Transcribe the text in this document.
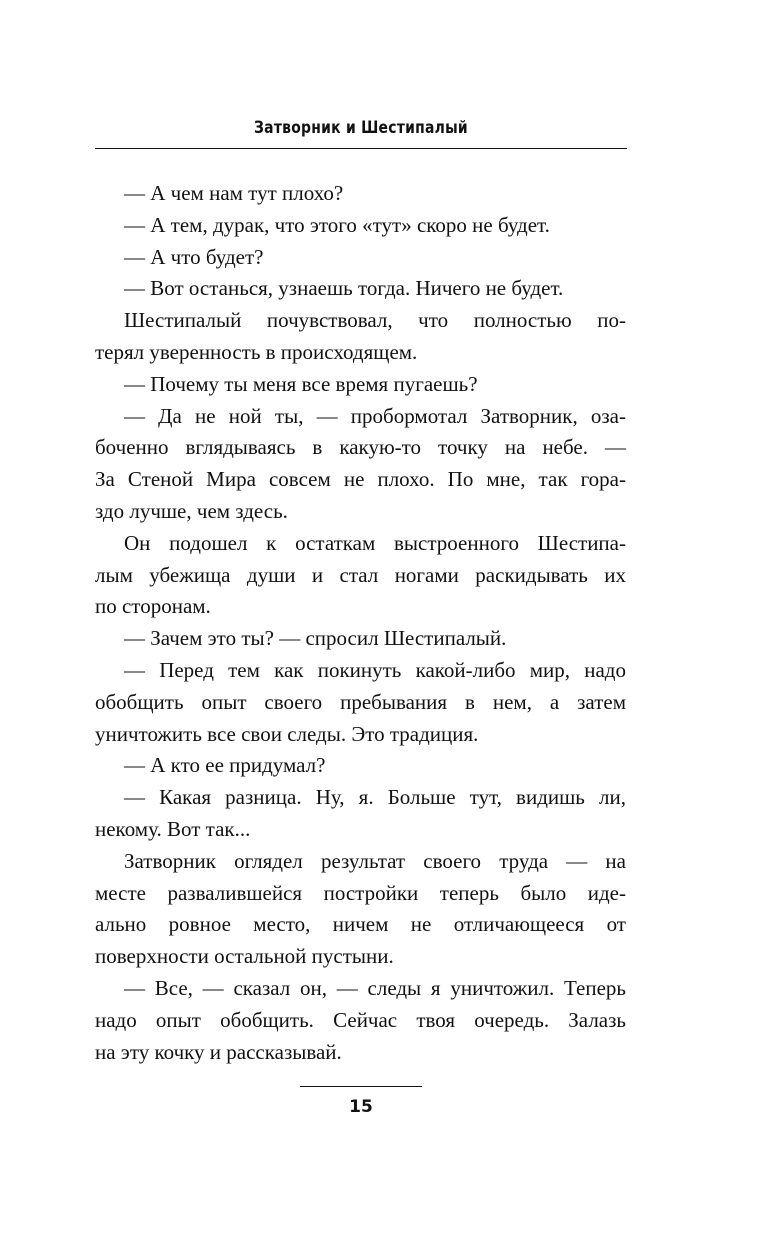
Затворник и Шестипалый
— А чем нам тут плохо?
— А тем, дурак, что этого «тут» скоро не будет.
— А что будет?
— Вот останься, узнаешь тогда. Ничего не будет.
Шестипалый почувствовал, что полностью по-
терял уверенность в происходящем.
— Почему ты меня все время пугаешь?
— Да не ной ты, — пробормотал Затворник, оза-
боченно вглядываясь в какую-то точку на небе. —
За Стеной Мира совсем не плохо. По мне, так гора-
здо лучше, чем здесь.
Он подошел к остаткам выстроенного Шестипа-
лым убежища души и стал ногами раскидывать их
по сторонам.
— Зачем это ты? — спросил Шестипалый.
— Перед тем как покинуть какой-либо мир, надо
обобщить опыт своего пребывания в нем, а затем
уничтожить все свои следы. Это традиция.
— А кто ее придумал?
— Какая разница. Ну, я. Больше тут, видишь ли,
некому. Вот так...
Затворник оглядел результат своего труда — на
месте развалившейся постройки теперь было иде-
ально ровное место, ничем не отличающееся от
поверхности остальной пустыни.
— Все, — сказал он, — следы я уничтожил. Теперь
надо опыт обобщить. Сейчас твоя очередь. Залазь
на эту кочку и рассказывай.
15
